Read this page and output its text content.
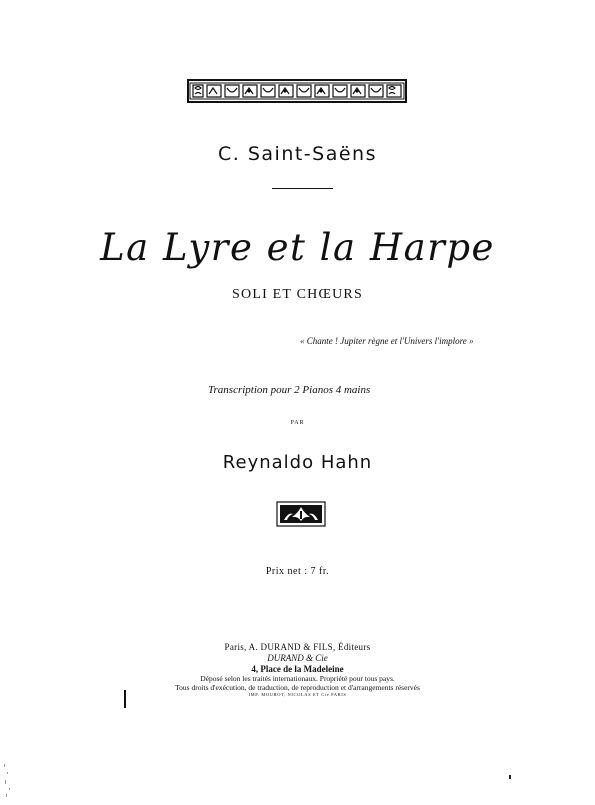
C. Saint-Saëns
La Lyre et la Harpe
SOLI ET CHŒURS
« Chante ! Jupiter règne et l'Univers l'implore »
Transcription pour 2 Pianos 4 mains
PAR
Reynaldo Hahn
Prix net : 7 fr.
Paris, A. DURAND & FILS, Éditeurs
DURAND & Cie
4, Place de la Madeleine
Déposé selon les traités internationaux. Propriété pour tous pays.
Tous droits d'exécution, de traduction, de reproduction et d'arrangements réservés
IMP. MOUROT, NICOLAS ET Cie PARIS
